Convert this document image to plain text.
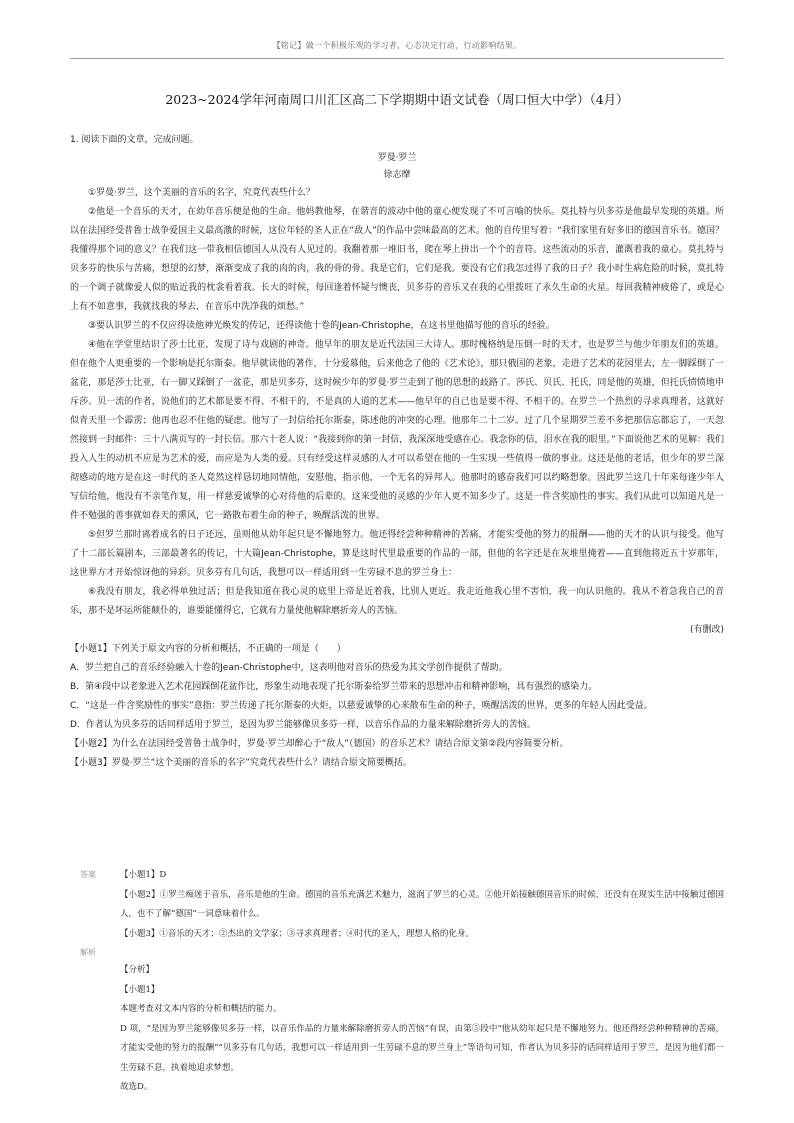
【铭记】做一个积极乐观的学习者，心态决定行动，行动影响结果。
2023~2024学年河南周口川汇区高二下学期期中语文试卷（周口恒大中学）（4月）

1. 阅读下面的文章，完成问题。

罗曼·罗兰

徐志摩

①罗曼·罗兰，这个美丽的音乐的名字，究竟代表些什么？

②他是一个音乐的天才，在幼年音乐便是他的生命。他妈教他琴，在谐音的波动中他的童心便发现了不可言喻的快乐。莫扎特与贝多芬是他最早发现的英雄。所以在法国经受普鲁士战争爱国主义最高激的时候，这位年轻的圣人正在“敌人”的作品中尝味最高的艺术。他的自传里写着：“我们家里有好多旧的德国音乐书。德国？我懂得那个词的意义？在我们这一带我相信德国人从没有人见过的。我翻着那一堆旧书，爬在琴上拼出一个个的音符。这些流动的乐音，灌溉着我的童心。莫扎特与贝多芬的快乐与苦痛，想望的幻梦，渐渐变成了我的肉的肉，我的骨的骨。我是它们，它们是我。要没有它们我怎过得了我的日子？我小时生病危险的时候，莫扎特的一个调子就像爱人似的贴近我的枕衾看着我。长大的时候，每回逢着怀疑与懊丧，贝多芬的音乐又在我的心里拨旺了永久生命的火星。每回我精神疲倦了，或是心上有不如意事，我就找我的琴去，在音乐中洗净我的烦愁。”

③要认识罗兰的不仅应得读他神光焕发的传记，还得读他十卷的Jean-Christophe，在这书里他描写他的音乐的经验。

④他在学堂里结识了莎士比亚，发现了诗与戏剧的神奇。他早年的朋友是近代法国三大诗人。那时槐格纳是压倒一时的天才，也是罗兰与他少年朋友们的英雄。但在他个人更重要的一个影响是托尔斯泰。他早就读他的著作，十分爱慕他，后来他念了他的《艺术论》，那只俄国的老象，走进了艺术的花园里去，左一脚踩倒了一盆花，那是莎士比亚，右一脚又踩倒了一盆花，那是贝多芬，这时候少年的罗曼·罗兰走到了他的思想的歧路了。莎氏、贝氏、托氏，同是他的英雄，但托氏愤愤地申斥莎、贝一流的作者，说他们的艺术都是要不得、不相干的，不是真的人道的艺术——他早年的自己也是要不得、不相干的。在罗兰一个热烈的寻求真理者，这就好似青天里一个霹雳；他再也忍不住他的疑虑。他写了一封信给托尔斯泰，陈述他的冲突的心理。他那年二十二岁。过了几个星期罗兰差不多把那信忘都忘了，一天忽然接到一封邮件：三十八满页写的一封长信。那六十老人说：“我接到你的第一封信，我深深地受感在心。我念你的信，泪水在我的眼里。”下面说他艺术的见解：我们投入人生的动机不应是为艺术的爱，而应是为人类的爱。只有经受这样灵感的人才可以希望在他的一生实现一些值得一做的事业。这还是他的老话，但少年的罗兰深彻感动的地方是在这一时代的圣人竟然这样恳切地同情他，安慰他，指示他，一个无名的异邦人。他那时的感奋我们可以约略想象。因此罗兰这几十年来每逢少年人写信给他，他没有不亲笔作复，用一样慈爱诚挚的心对待他的后辈的。这来受他的灵感的少年人更不知多少了。这是一件含奖励性的事实。我们从此可以知道凡是一件不勉强的善事就如春天的熏风，它一路散布着生命的种子，唤醒活泼的世界。

⑤但罗兰那时离着成名的日子还远，虽则他从幼年起只是不懈地努力。他还得经尝种种精神的苦痛，才能实受他的努力的报酬——他的天才的认识与接受。他写了十二部长篇剧本，三部最著名的传记，十大篇Jean-Christophe，算是这时代里最重要的作品的一部，但他的名字还是在灰堆里掩着——直到他将近五十岁那年，这世界方才开始惊讶他的异彩。贝多芬有几句话，我想可以一样适用到一生劳碌不息的罗兰身上：

⑥我没有朋友，我必得单独过活；但是我知道在我心灵的底里上帝是近着我，比别人更近。我走近他我心里不害怕，我一向认识他的。我从不着急我自己的音乐，那不是坏运所能颠仆的，谁要能懂得它，它就有力量使他解除磨折旁人的苦恼。

(有删改)

【小题1】下列关于原文内容的分析和概括，不正确的一项是（　　）

A．罗兰把自己的音乐经验融入十卷的Jean-Christophe中，这表明他对音乐的热爱为其文学创作提供了帮助。

B．第④段中以老象进入艺术花园踩倒花盆作比，形象生动地表现了托尔斯泰给罗兰带来的思想冲击和精神影响，具有强烈的感染力。

C．“这是一件含奖励性的事实”意指：罗兰传递了托尔斯泰的火炬，以慈爱诚挚的心来散布生命的种子，唤醒活泼的世界，更多的年轻人因此受益。

D．作者认为贝多芬的话同样适用于罗兰，是因为罗兰能够像贝多芬一样，以音乐作品的力量来解除磨折旁人的苦恼。

【小题2】为什么在法国经受普鲁士战争时，罗曼·罗兰却醉心于“敌人”（德国）的音乐艺术？请结合原文第②段内容简要分析。

【小题3】罗曼·罗兰“这个美丽的音乐的名字”究竟代表些什么？请结合原文简要概括。

答案	【小题1】D

【小题2】①罗兰痴迷于音乐，音乐是他的生命。德国的音乐充满艺术魅力，滋润了罗兰的心灵。②他开始接触德国音乐的时候，还没有在现实生活中接触过德国人，也不了解“德国”一词意味着什么。

【小题3】①音乐的天才；②杰出的文学家；③寻求真理者；④时代的圣人，理想人格的化身。

解析

【分析】

【小题1】

本题考查对文本内容的分析和概括的能力。

D 项，“是因为罗兰能够像贝多芬一样，以音乐作品的力量来解除磨折旁人的苦恼”有误，由第⑤段中“他从幼年起只是不懈地努力。他还得经尝种种精神的苦痛，才能实受他的努力的报酬”“贝多芬有几句话，我想可以一样适用到一生劳碌不息的罗兰身上”等语句可知，作者认为贝多芬的话同样适用于罗兰，是因为他们都一生劳碌不息，执着地追求梦想。

故选D。
